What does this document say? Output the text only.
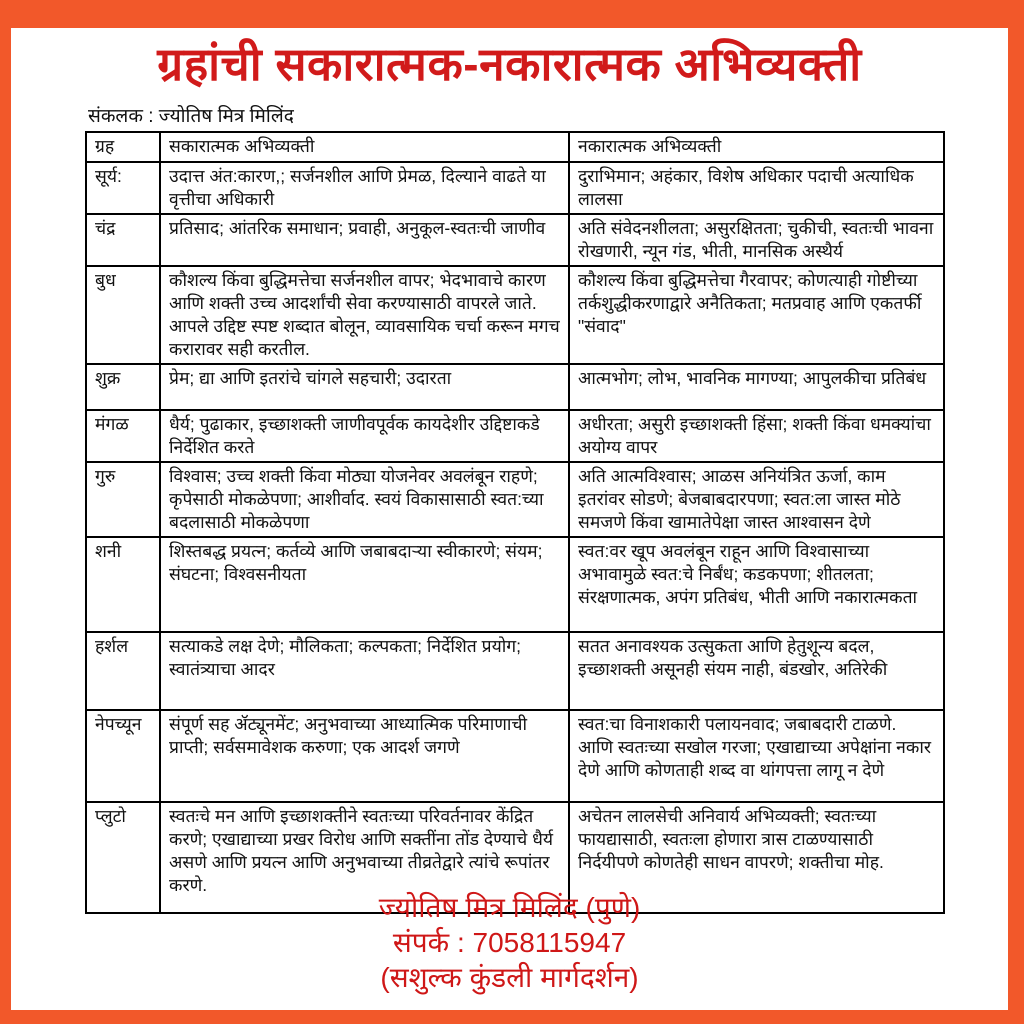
ग्रहांची सकारात्मक-नकारात्मक अभिव्यक्ती
संकलक : ज्योतिष मित्र मिलिंद
ग्रह	सकारात्मक अभिव्यक्ती	नकारात्मक अभिव्यक्ती
सूर्य:	उदात्त अंत:कारण,; सर्जनशील आणि प्रेमळ, दिल्याने वाढते या वृत्तीचा अधिकारी	दुराभिमान; अहंकार, विशेष अधिकार पदाची अत्याधिक लालसा
चंद्र	प्रतिसाद; आंतरिक समाधान; प्रवाही, अनुकूल-स्वतःची जाणीव	अति संवेदनशीलता; असुरक्षितता; चुकीची, स्वतःची भावना रोखणारी, न्यून गंड, भीती, मानसिक अस्थैर्य
बुध	कौशल्य किंवा बुद्धिमत्तेचा सर्जनशील वापर; भेदभावाचे कारण आणि शक्ती उच्च आदर्शांची सेवा करण्यासाठी वापरले जाते. आपले उद्दिष्ट स्पष्ट शब्दात बोलून, व्यावसायिक चर्चा करून मगच करारावर सही करतील.	कौशल्य किंवा बुद्धिमत्तेचा गैरवापर; कोणत्याही गोष्टीच्या तर्कशुद्धीकरणाद्वारे अनैतिकता; मतप्रवाह आणि एकतर्फी "संवाद"
शुक्र	प्रेम; द्या आणि इतरांचे चांगले सहचारी; उदारता	आत्मभोग; लोभ, भावनिक मागण्या; आपुलकीचा प्रतिबंध
मंगळ	धैर्य; पुढाकार, इच्छाशक्ती जाणीवपूर्वक कायदेशीर उद्दिष्टाकडे निर्देशित करते	अधीरता; असुरी इच्छाशक्ती हिंसा; शक्ती किंवा धमक्यांचा अयोग्य वापर
गुरु	विश्वास; उच्च शक्ती किंवा मोठ्या योजनेवर अवलंबून राहणे; कृपेसाठी मोकळेपणा; आशीर्वाद. स्वयं विकासासाठी स्वत:च्या बदलासाठी मोकळेपणा	अति आत्मविश्वास; आळस अनियंत्रित ऊर्जा, काम इतरांवर सोडणे; बेजबाबदारपणा; स्वत:ला जास्त मोठे समजणे किंवा खामातेपेक्षा जास्त आश्वासन देणे
शनी	शिस्तबद्ध प्रयत्न; कर्तव्ये आणि जबाबदाऱ्या स्वीकारणे; संयम; संघटना; विश्वसनीयता	स्वत:वर खूप अवलंबून राहून आणि विश्वासाच्या अभावामुळे स्वत:चे निर्बंध; कडकपणा; शीतलता; संरक्षणात्मक, अपंग प्रतिबंध, भीती आणि नकारात्मकता
हर्शल	सत्याकडे लक्ष देणे; मौलिकता; कल्पकता; निर्देशित प्रयोग; स्वातंत्र्याचा आदर	सतत अनावश्यक उत्सुकता आणि हेतुशून्य बदल, इच्छाशक्ती असूनही संयम नाही, बंडखोर, अतिरेकी
नेपच्यून	संपूर्ण सह ॲट्यूनमेंट; अनुभवाच्या आध्यात्मिक परिमाणाची प्राप्ती; सर्वसमावेशक करुणा; एक आदर्श जगणे	स्वत:चा विनाशकारी पलायनवाद; जबाबदारी टाळणे. आणि स्वतःच्या सखोल गरजा; एखाद्याच्या अपेक्षांना नकार देणे आणि कोणताही शब्द वा थांगपत्ता लागू न देणे
प्लुटो	स्वतःचे मन आणि इच्छाशक्तीने स्वतःच्या परिवर्तनावर केंद्रित करणे; एखाद्याच्या प्रखर विरोध आणि सक्तींना तोंड देण्याचे धैर्य असणे आणि प्रयत्न आणि अनुभवाच्या तीव्रतेद्वारे त्यांचे रूपांतर करणे.	अचेतन लालसेची अनिवार्य अभिव्यक्ती; स्वतःच्या फायद्यासाठी, स्वतःला होणारा त्रास टाळण्यासाठी निर्दयीपणे कोणतेही साधन वापरणे; शक्तीचा मोह.
ज्योतिष मित्र मिलिंद (पुणे)
संपर्क : 7058115947
(सशुल्क कुंडली मार्गदर्शन)
